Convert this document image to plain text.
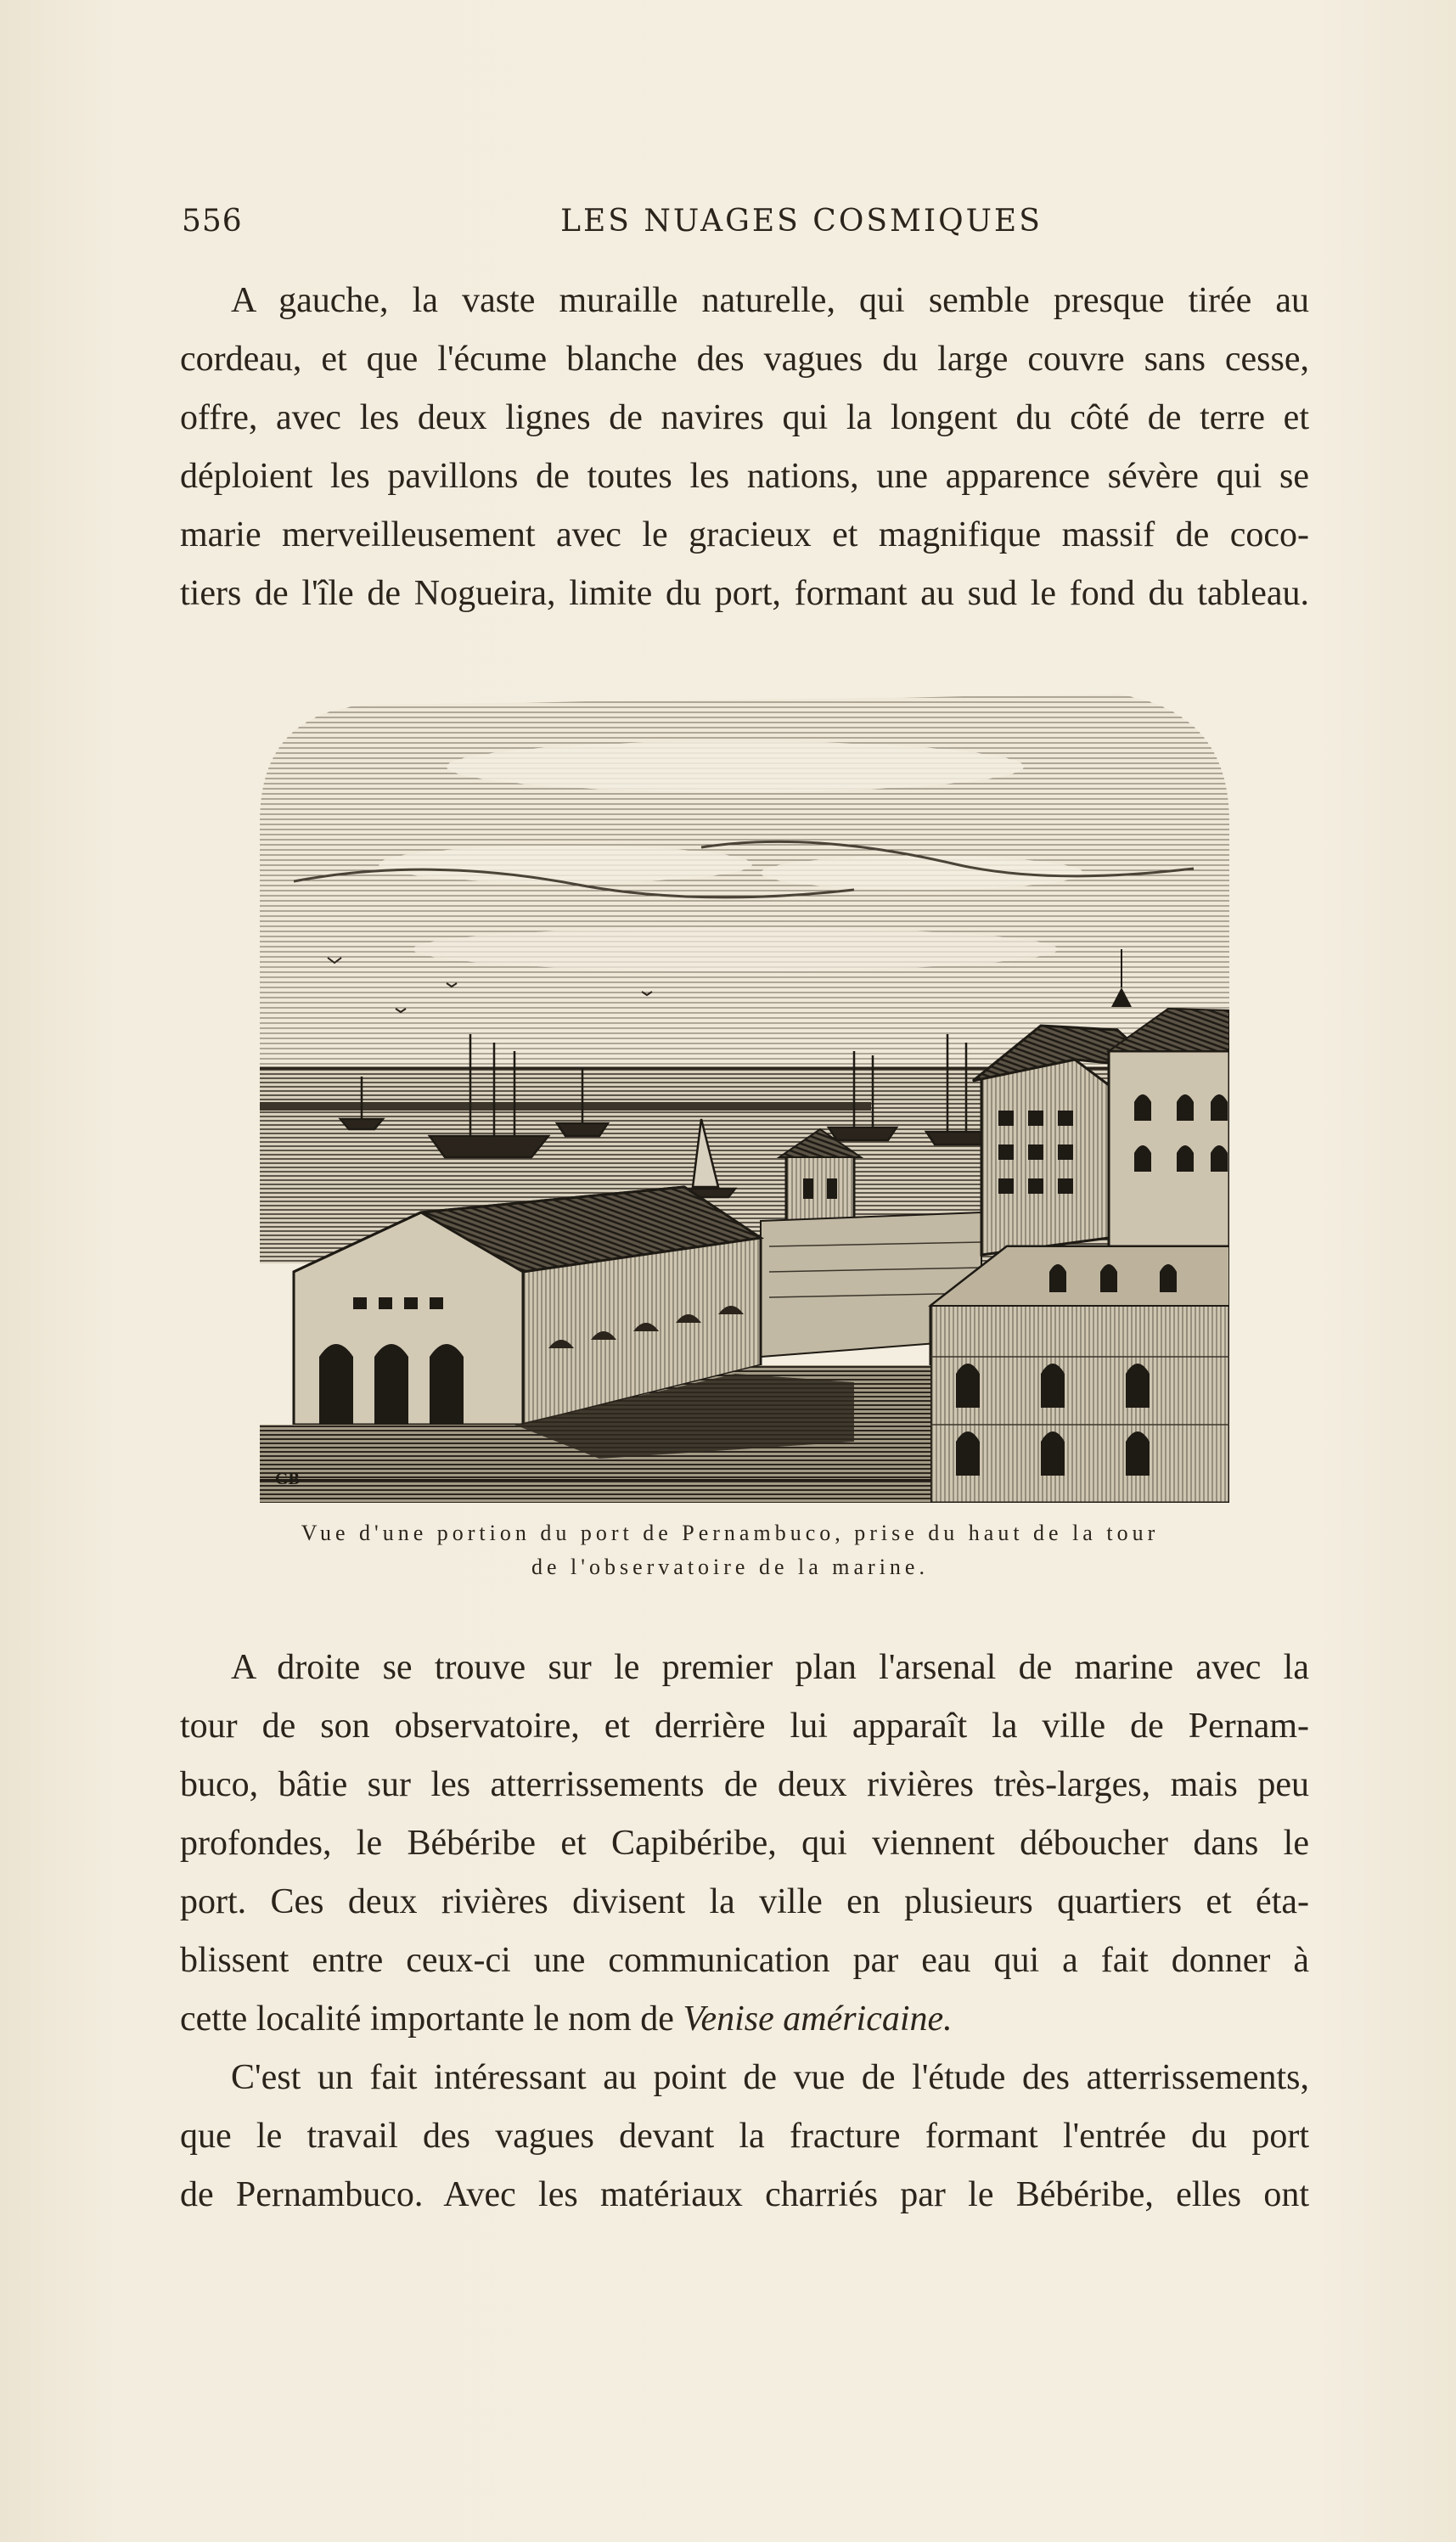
556	LES NUAGES COSMIQUES

A gauche, la vaste muraille naturelle, qui semble presque tirée au
cordeau, et que l'écume blanche des vagues du large couvre sans cesse,
offre, avec les deux lignes de navires qui la longent du côté de terre et
déploient les pavillons de toutes les nations, une apparence sévère qui se
marie merveilleusement avec le gracieux et magnifique massif de coco-
tiers de l'île de Nogueira, limite du port, formant au sud le fond du tableau.

GB
Vue d'une portion du port de Pernambuco, prise du haut de la tour
de l'observatoire de la marine.

A droite se trouve sur le premier plan l'arsenal de marine avec la
tour de son observatoire, et derrière lui apparaît la ville de Pernam-
buco, bâtie sur les atterrissements de deux rivières très-larges, mais peu
profondes, le Bébéribe et Capibéribe, qui viennent déboucher dans le
port. Ces deux rivières divisent la ville en plusieurs quartiers et éta-
blissent entre ceux-ci une communication par eau qui a fait donner à
cette localité importante le nom de Venise américaine.

C'est un fait intéressant au point de vue de l'étude des atterrissements,
que le travail des vagues devant la fracture formant l'entrée du port
de Pernambuco. Avec les matériaux charriés par le Bébéribe, elles ont
